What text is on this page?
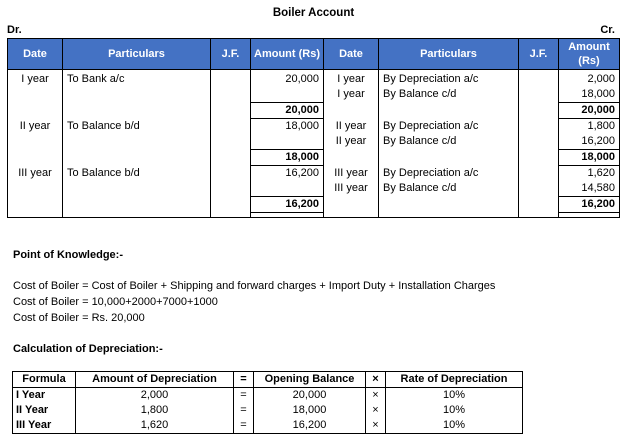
Boiler Account
Dr.	Cr.
Date	Particulars	J.F.	Amount (Rs)	Date	Particulars	J.F.	Amount (Rs)

I year	To Bank a/c		20,000	I year	By Depreciation a/c		2,000
				I year	By Balance c/d		18,000
			20,000				20,000
II year	To Balance b/d		18,000	II year	By Depreciation a/c		1,800
				II year	By Balance c/d		16,200
			18,000				18,000
III year	To Balance b/d		16,200	III year	By Depreciation a/c		1,620
				III year	By Balance c/d		14,580
			16,200				16,200

Point of Knowledge:-
Cost of Boiler = Cost of Boiler + Shipping and forward charges + Import Duty + Installation Charges
Cost of Boiler = 10,000+2000+7000+1000
Cost of Boiler = Rs. 20,000
Calculation of Depreciation:-
Formula	Amount of Depreciation	=	Opening Balance	×	Rate of Depreciation
I Year	2,000	=	20,000	×	10%
II Year	1,800	=	18,000	×	10%
III Year	1,620	=	16,200	×	10%
